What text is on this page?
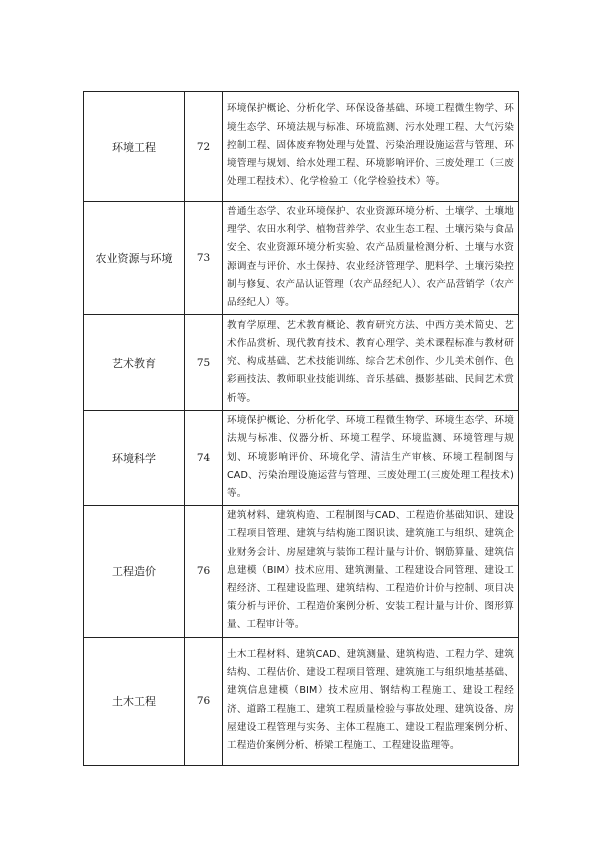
环境工程	72	环境保护概论、分析化学、环保设备基础、环境工程微生物学、环境生态学、环境法规与标准、环境监测、污水处理工程、大气污染控制工程、固体废弃物处理与处置、污染治理设施运营与管理、环境管理与规划、给水处理工程、环境影响评价、三废处理工（三废处理工程技术）、化学检验工（化学检验技术）等。
农业资源与环境	73	普通生态学、农业环境保护、农业资源环境分析、土壤学、土壤地理学、农田水利学、植物营养学、农业生态工程、土壤污染与食品安全、农业资源环境分析实验、农产品质量检测分析、土壤与水资源调查与评价、水土保持、农业经济管理学、肥料学、土壤污染控制与修复、农产品认证管理（农产品经纪人）、农产品营销学（农产品经纪人）等。
艺术教育	75	教育学原理、艺术教育概论、教育研究方法、中西方美术简史、艺术作品赏析、现代教育技术、教育心理学、美术课程标准与教材研究、构成基础、艺术技能训练、综合艺术创作、少儿美术创作、色彩画技法、教师职业技能训练、音乐基础、摄影基础、民间艺术赏析等。
环境科学	74	环境保护概论、分析化学、环境工程微生物学、环境生态学、环境法规与标准、仪器分析、环境工程学、环境监测、环境管理与规划、环境影响评价、环境化学、清洁生产审核、环境工程制图与CAD、污染治理设施运营与管理、三废处理工(三废处理工程技术)等。
工程造价	76	建筑材料、建筑构造、工程制图与CAD、工程造价基础知识、建设工程项目管理、建筑与结构施工图识读、建筑施工与组织、建筑企业财务会计、房屋建筑与装饰工程计量与计价、钢筋算量、建筑信息建模（BIM）技术应用、建筑测量、工程建设合同管理、建设工程经济、工程建设监理、建筑结构、工程造价计价与控制、项目决策分析与评价、工程造价案例分析、安装工程计量与计价、图形算量、工程审计等。
土木工程	76	土木工程材料、建筑CAD、建筑测量、建筑构造、工程力学、建筑结构、工程估价、建设工程项目管理、建筑施工与组织地基基础、建筑信息建模（BIM）技术应用、钢结构工程施工、建设工程经济、道路工程施工、建筑工程质量检验与事故处理、建筑设备、房屋建设工程管理与实务、主体工程施工、建设工程监理案例分析、工程造价案例分析、桥梁工程施工、工程建设监理等。
